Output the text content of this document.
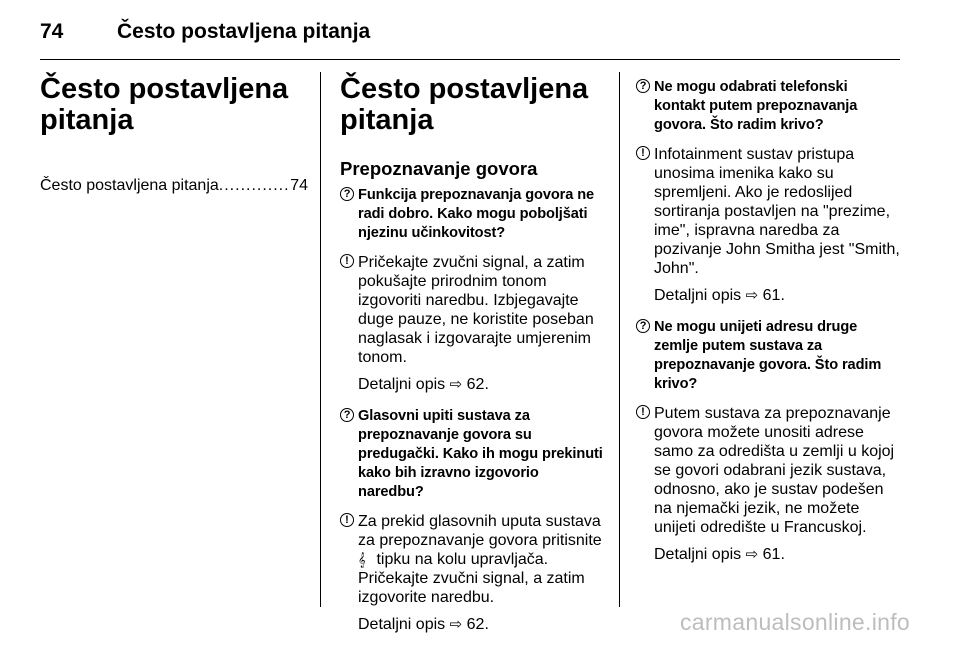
74	Često postavljena pitanja
Često postavljena pitanja
Često postavljena pitanja
.....	74
Često postavljena pitanja
Prepoznavanje govora
? Funkcija prepoznavanja govora ne radi dobro. Kako mogu poboljšati njezinu učinkovitost?
! Pričekajte zvučni signal, a zatim pokušajte prirodnim tonom izgovoriti naredbu. Izbjegavajte duge pauze, ne koristite poseban naglasak i izgovarajte umjerenim tonom.
Detaljni opis ⇨ 62.
? Glasovni upiti sustava za prepoznavanje govora su predugački. Kako ih mogu prekinuti kako bih izravno izgovorio naredbu?
! Za prekid glasovnih uputa sustava za prepoznavanje govora pritisnite 𝄞 tipku na kolu upravljača. Pričekajte zvučni signal, a zatim izgovorite naredbu.
Detaljni opis ⇨ 62.
? Ne mogu odabrati telefonski kontakt putem prepoznavanja govora. Što radim krivo?
! Infotainment sustav pristupa unosima imenika kako su spremljeni. Ako je redoslijed sortiranja postavljen na "prezime, ime", ispravna naredba za pozivanje John Smitha jest "Smith, John".
Detaljni opis ⇨ 61.
? Ne mogu unijeti adresu druge zemlje putem sustava za prepoznavanje govora. Što radim krivo?
! Putem sustava za prepoznavanje govora možete unositi adrese samo za odredišta u zemlji u kojoj se govori odabrani jezik sustava, odnosno, ako je sustav podešen na njemački jezik, ne možete unijeti odredište u Francuskoj.
Detaljni opis ⇨ 61.
carmanualsonline.info
